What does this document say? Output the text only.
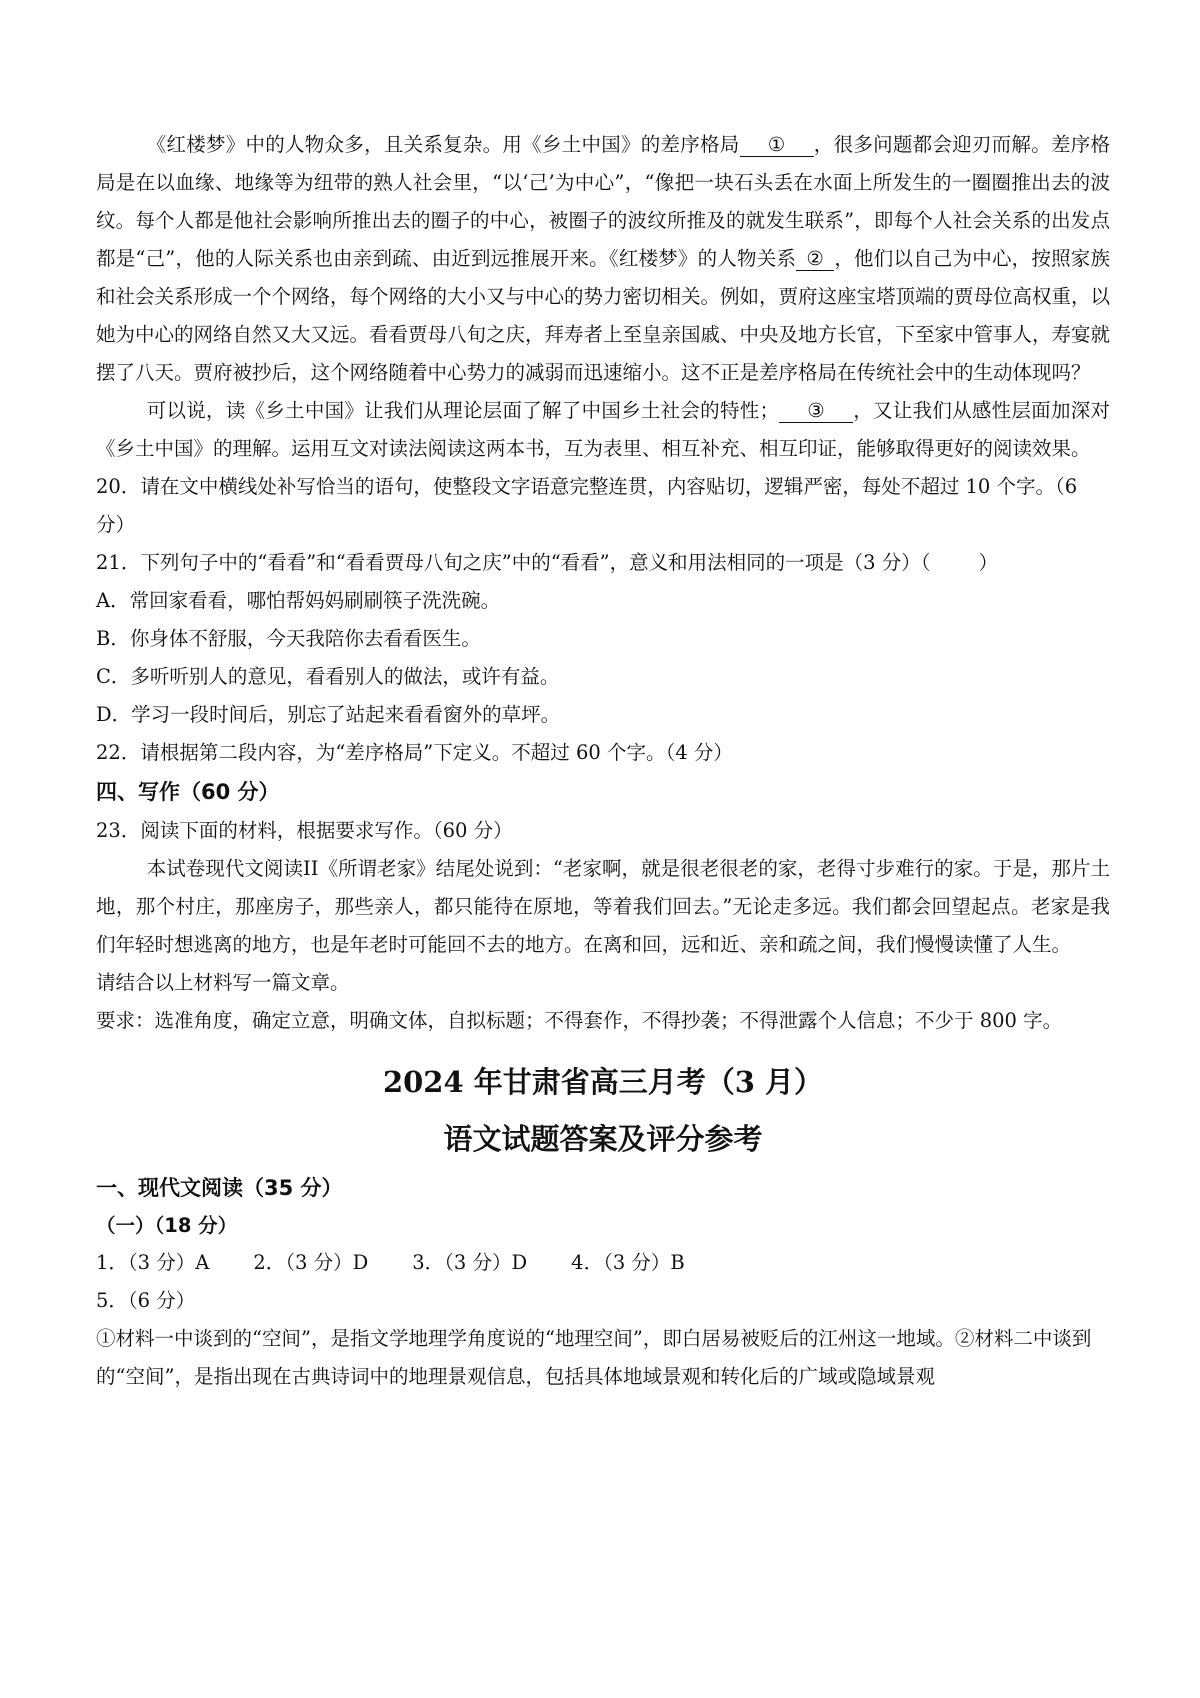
《红楼梦》中的人物众多，且关系复杂。用《乡土中国》的差序格局 ① ，很多问题都会迎刃而解。差序格局是在以血缘、地缘等为纽带的熟人社会里，“以‘己’为中心”，“像把一块石头丢在水面上所发生的一圈圈推出去的波纹。每个人都是他社会影响所推出去的圈子的中心，被圈子的波纹所推及的就发生联系”，即每个人社会关系的出发点都是“己”，他的人际关系也由亲到疏、由近到远推展开来。《红楼梦》的人物关系 ② ，他们以自己为中心，按照家族和社会关系形成一个个网络，每个网络的大小又与中心的势力密切相关。例如，贾府这座宝塔顶端的贾母位高权重，以她为中心的网络自然又大又远。看看贾母八旬之庆，拜寿者上至皇亲国戚、中央及地方长官，下至家中管事人，寿宴就摆了八天。贾府被抄后，这个网络随着中心势力的减弱而迅速缩小。这不正是差序格局在传统社会中的生动体现吗？

可以说，读《乡土中国》让我们从理论层面了解了中国乡土社会的特性； ③ ，又让我们从感性层面加深对《乡土中国》的理解。运用互文对读法阅读这两本书，互为表里、相互补充、相互印证，能够取得更好的阅读效果。

20．请在文中横线处补写恰当的语句，使整段文字语意完整连贯，内容贴切，逻辑严密，每处不超过 10 个字。（6 分）

21．下列句子中的“看看”和“看看贾母八旬之庆”中的“看看”，意义和用法相同的一项是（3 分）（ ）

A．常回家看看，哪怕帮妈妈刷刷筷子洗洗碗。

B．你身体不舒服，今天我陪你去看看医生。

C．多听听别人的意见，看看别人的做法，或许有益。

D．学习一段时间后，别忘了站起来看看窗外的草坪。

22．请根据第二段内容，为“差序格局”下定义。不超过 60 个字。（4 分）

四、写作（60 分）

23．阅读下面的材料，根据要求写作。（60 分）

本试卷现代文阅读II《所谓老家》结尾处说到：“老家啊，就是很老很老的家，老得寸步难行的家。于是，那片土地，那个村庄，那座房子，那些亲人，都只能待在原地，等着我们回去。”无论走多远。我们都会回望起点。老家是我们年轻时想逃离的地方，也是年老时可能回不去的地方。在离和回，远和近、亲和疏之间，我们慢慢读懂了人生。

请结合以上材料写一篇文章。

要求：选准角度，确定立意，明确文体，自拟标题；不得套作，不得抄袭；不得泄露个人信息；不少于 800 字。

2024 年甘肃省高三月考（3 月）

语文试题答案及评分参考

一、现代文阅读（35 分）

（一）（18 分）

1．（3 分）A 2．（3 分）D 3．（3 分）D 4．（3 分）B

5．（6 分）

①材料一中谈到的“空间”，是指文学地理学角度说的“地理空间”，即白居易被贬后的江州这一地域。②材料二中谈到的“空间”，是指出现在古典诗词中的地理景观信息，包括具体地域景观和转化后的广域或隐域景观
